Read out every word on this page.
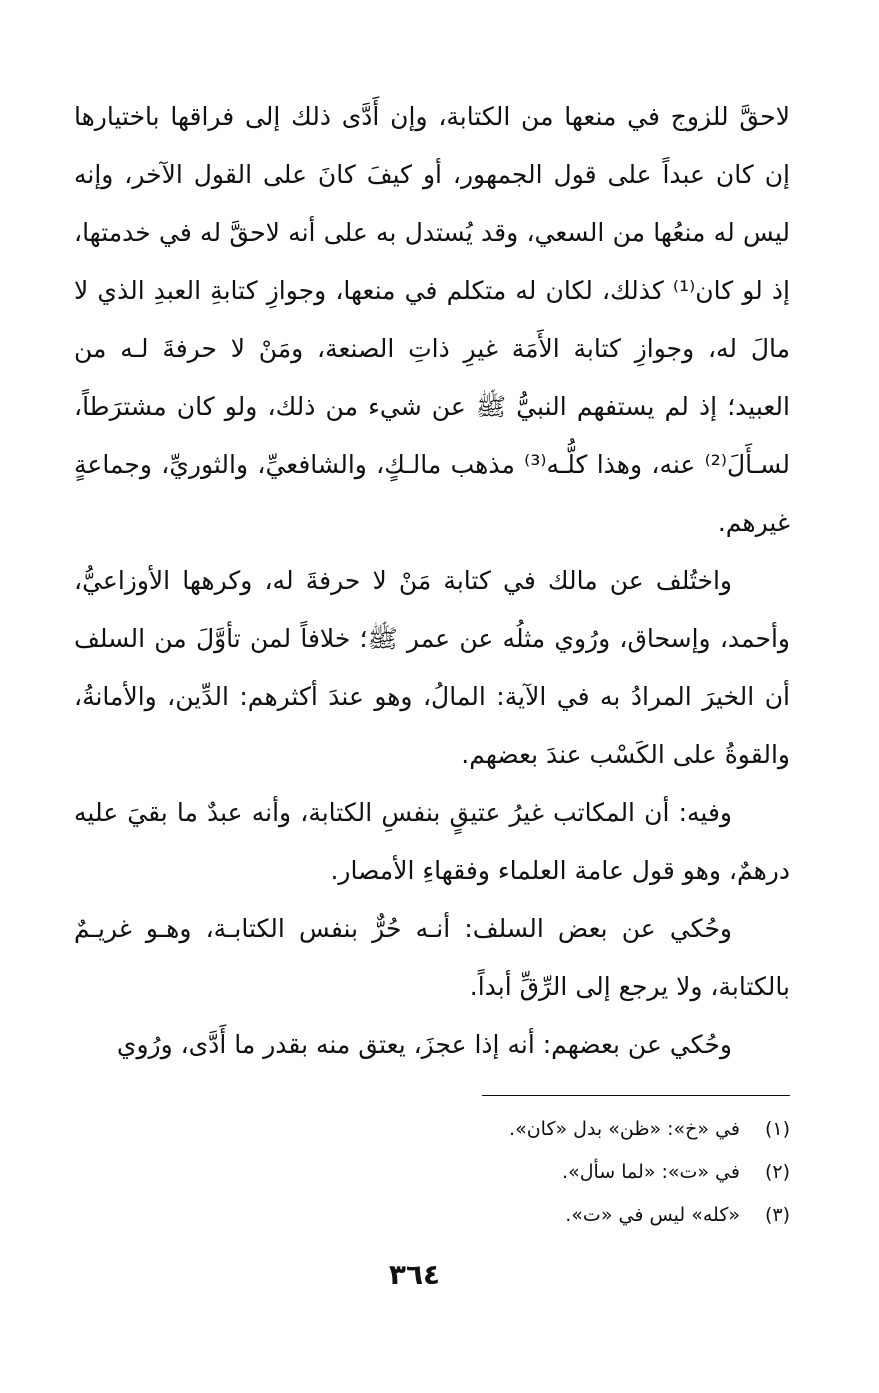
لاحقَّ للزوج في منعها من الكتابة، وإن أَدَّى ذلك إلى فراقها باختيارها إن كان عبداً على قول الجمهور، أو كيفَ كانَ على القول الآخر، وإنه ليس له منعُها من السعي، وقد يُستدل به على أنه لاحقَّ له في خدمتها، إذ لو كان⁽¹⁾ كذلك، لكان له متكلم في منعها، وجوازِ كتابةِ العبدِ الذي لا مالَ له، وجوازِ كتابة الأَمَة غيرِ ذاتِ الصنعة، ومَنْ لا حرفةَ لـه من العبيد؛ إذ لم يستفهم النبيُّ ﷺ عن شيء من ذلك، ولو كان مشترَطاً، لسـأَلَ⁽²⁾ عنه، وهذا كلُّـه⁽³⁾ مذهب مالـكٍ، والشافعيِّ، والثوريِّ، وجماعةٍ غيرهم.

واختُلف عن مالك في كتابة مَنْ لا حرفةَ له، وكرهها الأوزاعيُّ، وأحمد، وإسحاق، ورُوي مثلُه عن عمر ﷺ؛ خلافاً لمن تأوَّلَ من السلف أن الخيرَ المرادُ به في الآية: المالُ، وهو عندَ أكثرهم: الدِّين، والأمانةُ، والقوةُ على الكَسْب عندَ بعضهم.

وفيه: أن المكاتب غيرُ عتيقٍ بنفسِ الكتابة، وأنه عبدٌ ما بقيَ عليه درهمٌ، وهو قول عامة العلماء وفقهاءِ الأمصار.

وحُكي عن بعض السلف: أنـه حُرٌّ بنفس الكتابـة، وهـو غريـمٌ بالكتابة، ولا يرجع إلى الرِّقِّ أبداً.

وحُكي عن بعضهم: أنه إذا عجزَ، يعتق منه بقدر ما أَدَّى، ورُوي

(١)في «خ»: «ظن» بدل «كان».
(٢)في «ت»: «لما سأل».
(٣)«كله» ليس في «ت».
٣٦٤
